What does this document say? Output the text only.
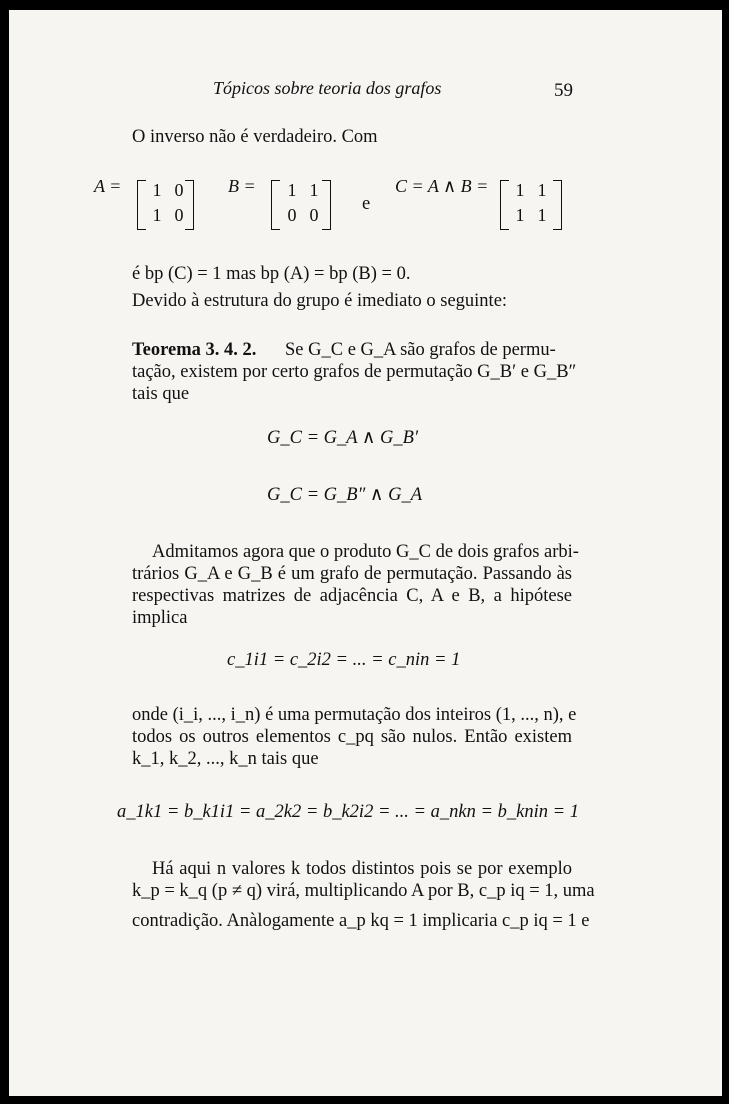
Tópicos sobre teoria dos grafos	59
O inverso não é verdadeiro. Com
A =	1 0
1 0
B =	1 1
0 0
e
C = A ∧ B =	1 1
1 1
é bp (C) = 1 mas bp (A) = bp (B) = 0.
Devido à estrutura do grupo é imediato o seguinte:
Teorema 3. 4. 2. Se G_C e G_A são grafos de permu-
tação, existem por certo grafos de permutação G_B′ e G_B″
tais que
G_C = G_A ∧ G_B′
G_C = G_B″ ∧ G_A
Admitamos agora que o produto G_C de dois grafos arbi-
trários G_A e G_B é um grafo de permutação. Passando às
respectivas matrizes de adjacência C, A e B, a hipótese
implica
c_1i1 = c_2i2 = ... = c_nin = 1
onde (i_i, ..., i_n) é uma permutação dos inteiros (1, ..., n), e
todos os outros elementos c_pq são nulos. Então existem
k_1, k_2, ..., k_n tais que
a_1k1 = b_k1i1 = a_2k2 = b_k2i2 = ... = a_nkn = b_knin = 1
Há aqui n valores k todos distintos pois se por exemplo
k_p = k_q (p ≠ q) virá, multiplicando A por B, c_p iq = 1, uma
contradição. Anàlogamente a_p kq = 1 implicaria c_p iq = 1 e
